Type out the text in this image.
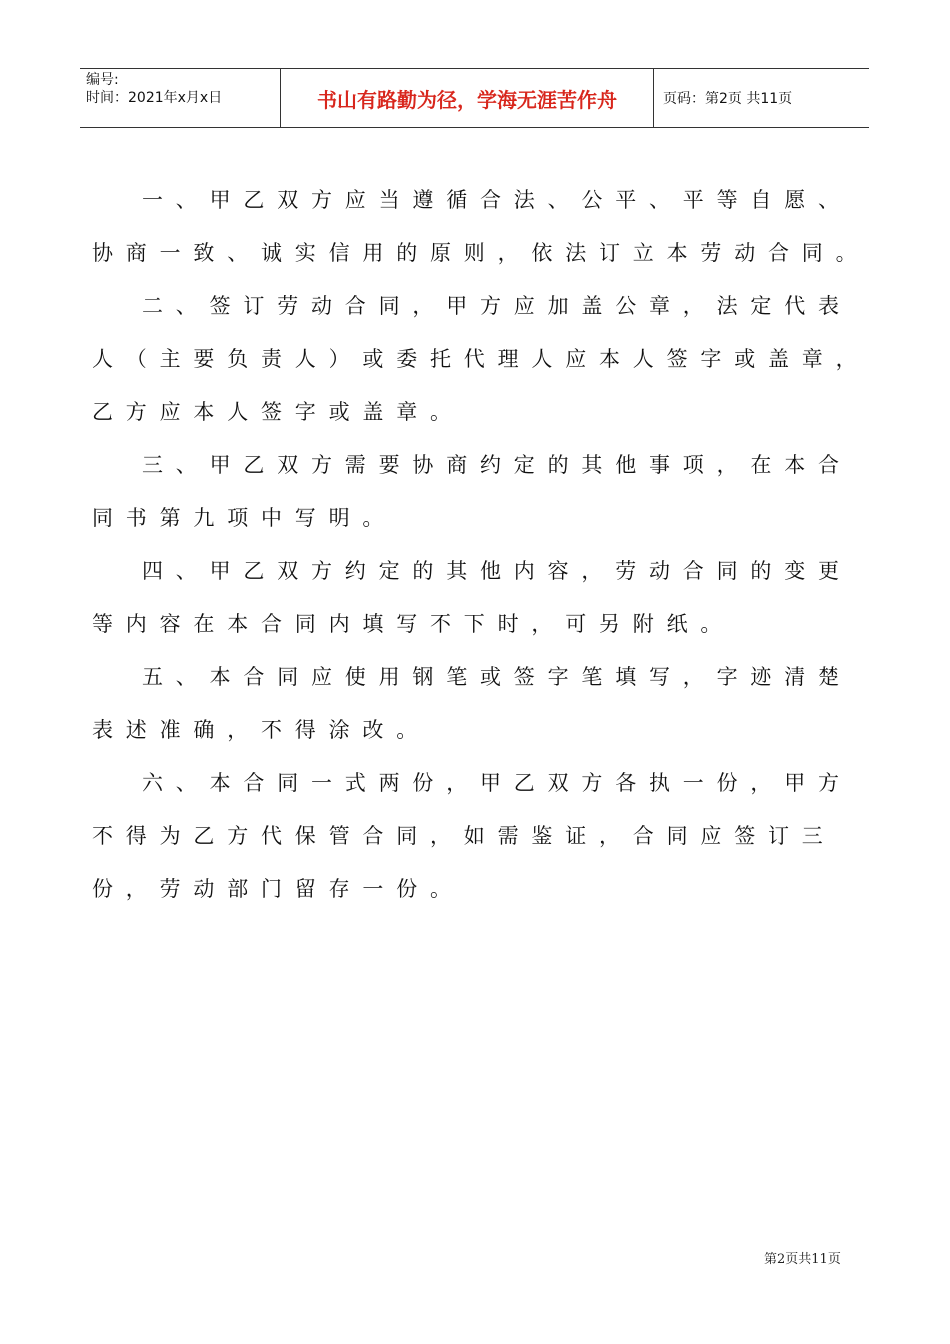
编号:
时间：2021年x月x日	书山有路勤为径，学海无涯苦作舟	页码：第2页 共11页

一、甲乙双方应当遵循合法、公平、平等自愿、协商一致、诚实信用的原则，依法订立本劳动合同。

二、签订劳动合同，甲方应加盖公章，法定代表人（主要负责人）或委托代理人应本人签字或盖章，乙方应本人签字或盖章。

三、甲乙双方需要协商约定的其他事项，在本合同书第九项中写明。

四、甲乙双方约定的其他内容，劳动合同的变更等内容在本合同内填写不下时，可另附纸。

五、本合同应使用钢笔或签字笔填写，字迹清楚表述准确，不得涂改。

六、本合同一式两份，甲乙双方各执一份，甲方不得为乙方代保管合同，如需鉴证，合同应签订三份，劳动部门留存一份。

第2页共11页
